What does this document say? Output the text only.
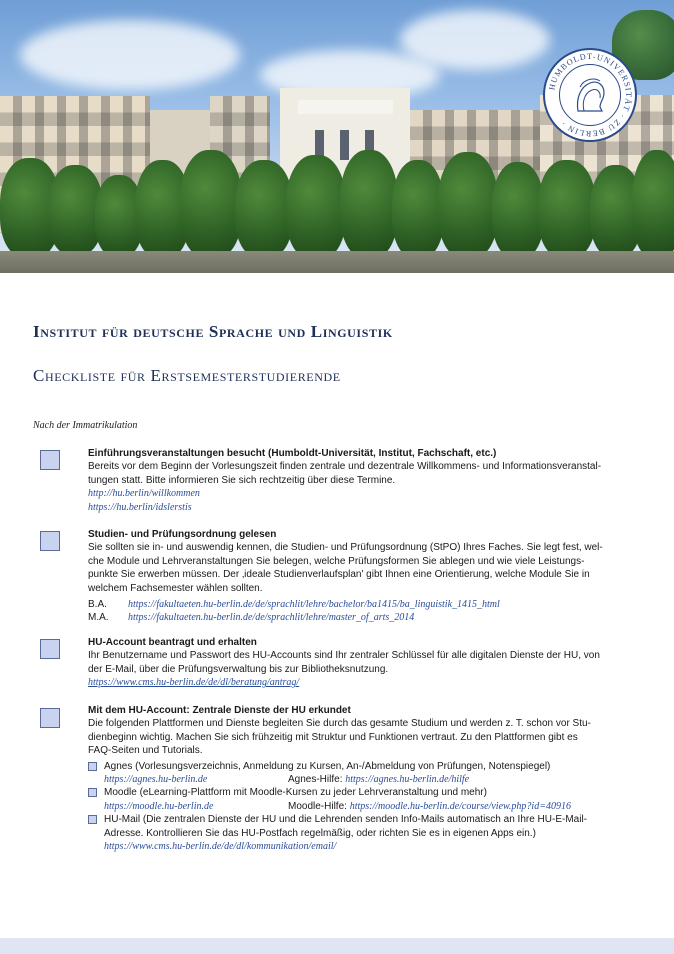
HUMBOLDT-UNIVERSITÄT · ZU BERLIN ·
Institut für deutsche Sprache und Linguistik
Checkliste für Erstsemesterstudierende
Nach der Immatrikulation
Einführungsveranstaltungen besucht (Humboldt-Universität, Institut, Fachschaft, etc.)

Bereits vor dem Beginn der Vorlesungszeit finden zentrale und dezentrale Willkommens- und Informationsveranstal-

tungen statt. Bitte informieren Sie sich rechtzeitig über diese Termine.

http://hu.berlin/willkommen

https://hu.berlin/idslerstis

Studien- und Prüfungsordnung gelesen

Sie sollten sie in- und auswendig kennen, die Studien- und Prüfungsordnung (StPO) Ihres Faches. Sie legt fest, wel-

che Module und Lehrveranstaltungen Sie belegen, welche Prüfungsformen Sie ablegen und wie viele Leistungs-

punkte Sie erwerben müssen. Der ‚ideale Studienverlaufsplan' gibt Ihnen eine Orientierung, welche Module Sie in

welchem Fachsemester wählen sollten.

B.A.	https://fakultaeten.hu-berlin.de/de/sprachlit/lehre/bachelor/ba1415/ba_linguistik_1415_html
M.A.	https://fakultaeten.hu-berlin.de/de/sprachlit/lehre/master_of_arts_2014
HU-Account beantragt und erhalten

Ihr Benutzername und Passwort des HU-Accounts sind Ihr zentraler Schlüssel für alle digitalen Dienste der HU, von

der E-Mail, über die Prüfungsverwaltung bis zur Bibliotheksnutzung.

https://www.cms.hu-berlin.de/de/dl/beratung/antrag/

Mit dem HU-Account: Zentrale Dienste der HU erkundet

Die folgenden Plattformen und Dienste begleiten Sie durch das gesamte Studium und werden z. T. schon vor Stu-

dienbeginn wichtig. Machen Sie sich frühzeitig mit Struktur und Funktionen vertraut. Zu den Plattformen gibt es

FAQ-Seiten und Tutorials.

Agnes (Vorlesungsverzeichnis, Anmeldung zu Kursen, An-/Abmeldung von Prüfungen, Notenspiegel)

https://agnes.hu-berlin.de	Agnes-Hilfe: https://agnes.hu-berlin.de/hilfe

Moodle (eLearning-Plattform mit Moodle-Kursen zu jeder Lehrveranstaltung und mehr)

https://moodle.hu-berlin.de	Moodle-Hilfe: https://moodle.hu-berlin.de/course/view.php?id=40916

HU-Mail (Die zentralen Dienste der HU und die Lehrenden senden Info-Mails automatisch an Ihre HU-E-Mail-

Adresse. Kontrollieren Sie das HU-Postfach regelmäßig, oder richten Sie es in eigenen Apps ein.)

https://www.cms.hu-berlin.de/de/dl/kommunikation/email/
